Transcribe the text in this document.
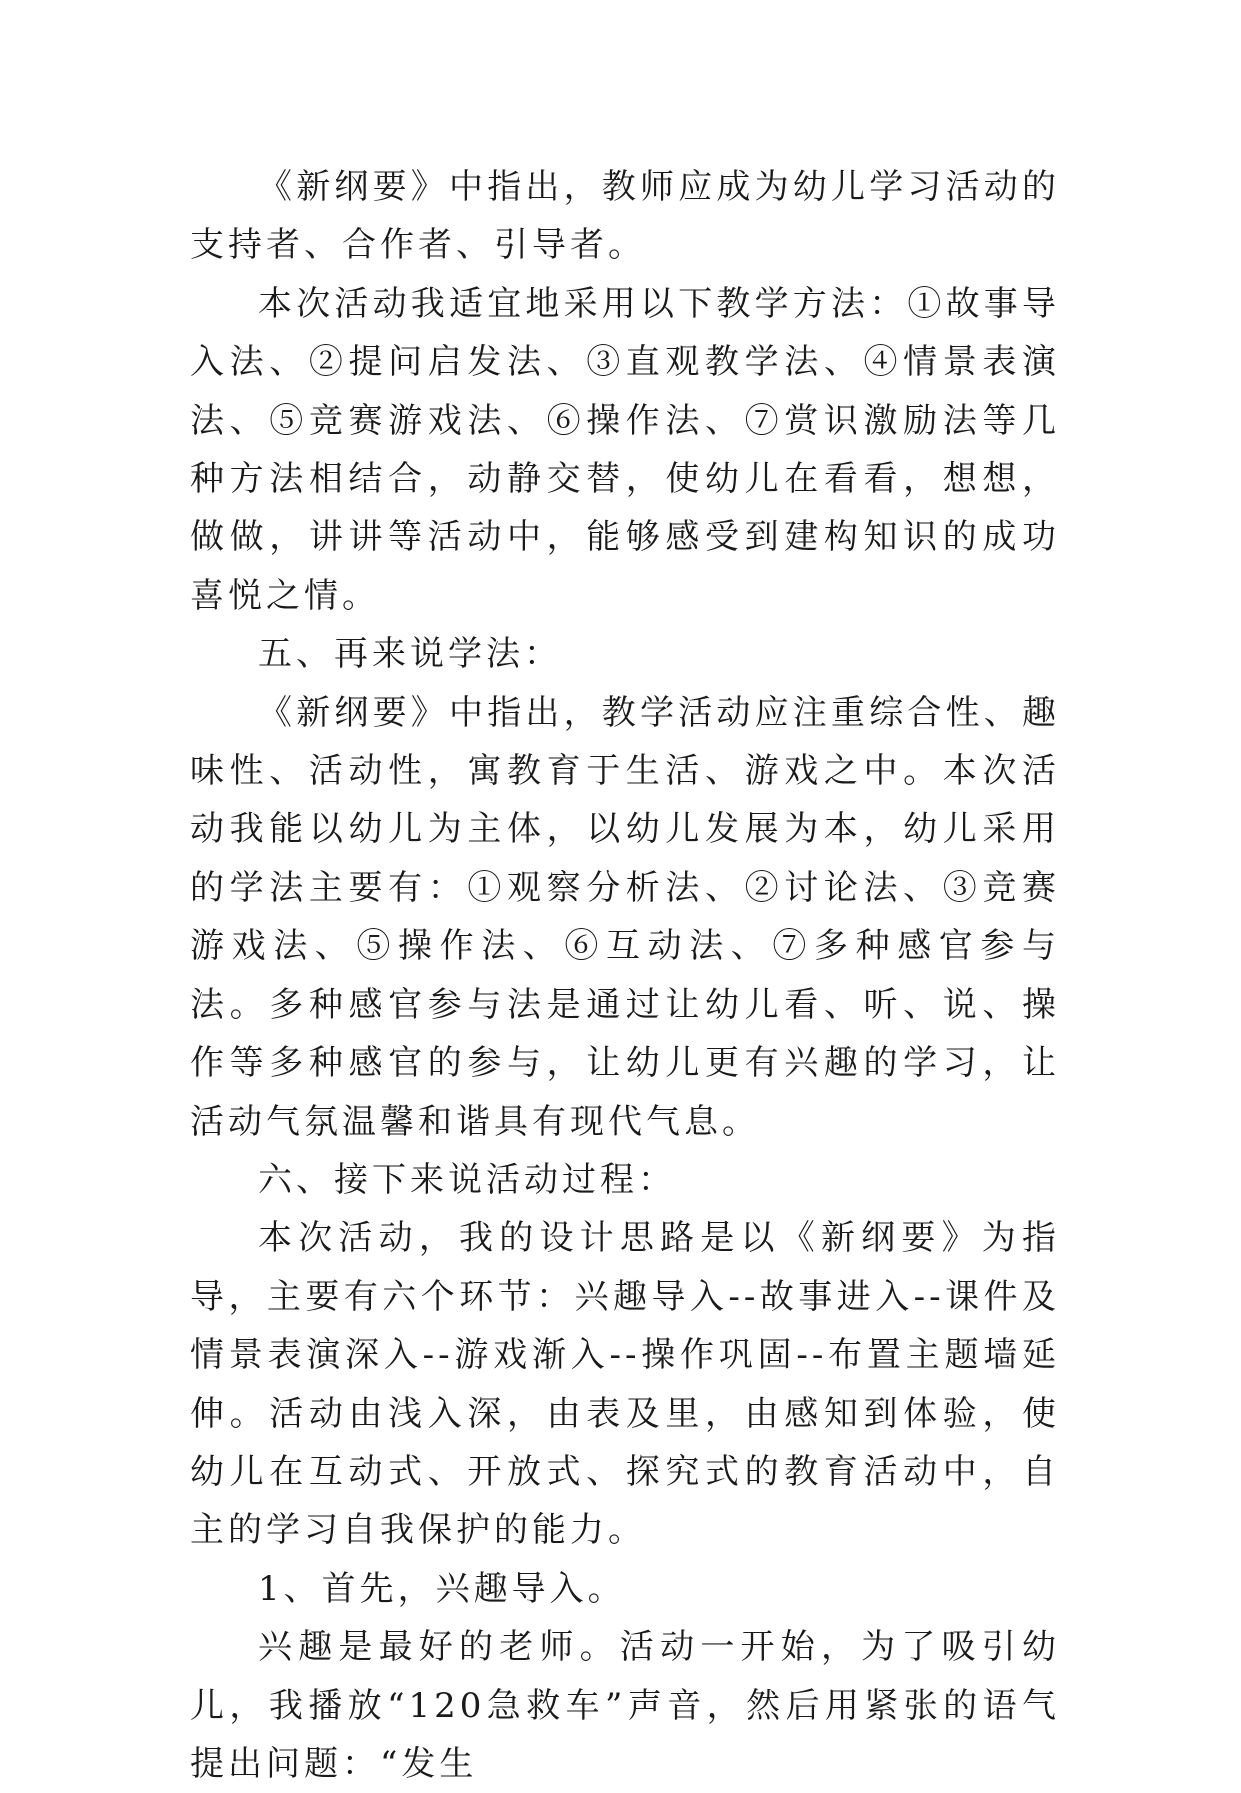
《新纲要》中指出，教师应成为幼儿学习活动的支持者、合作者、引导者。

本次活动我适宜地采用以下教学方法：①故事导入法、②提问启发法、③直观教学法、④情景表演法、⑤竞赛游戏法、⑥操作法、⑦赏识激励法等几种方法相结合，动静交替，使幼儿在看看，想想，做做，讲讲等活动中，能够感受到建构知识的成功喜悦之情。

五、再来说学法：

《新纲要》中指出，教学活动应注重综合性、趣味性、活动性，寓教育于生活、游戏之中。本次活动我能以幼儿为主体，以幼儿发展为本，幼儿采用的学法主要有：①观察分析法、②讨论法、③竞赛游戏法、⑤操作法、⑥互动法、⑦多种感官参与法。多种感官参与法是通过让幼儿看、听、说、操作等多种感官的参与，让幼儿更有兴趣的学习，让活动气氛温馨和谐具有现代气息。

六、接下来说活动过程：

本次活动，我的设计思路是以《新纲要》为指导，主要有六个环节：兴趣导入--故事进入--课件及情景表演深入--游戏渐入--操作巩固--布置主题墙延伸。活动由浅入深，由表及里，由感知到体验，使幼儿在互动式、开放式、探究式的教育活动中，自主的学习自我保护的能力。

1、首先，兴趣导入。

兴趣是最好的老师。活动一开始，为了吸引幼儿，我播放“120急救车”声音，然后用紧张的语气提出问题：“发生
